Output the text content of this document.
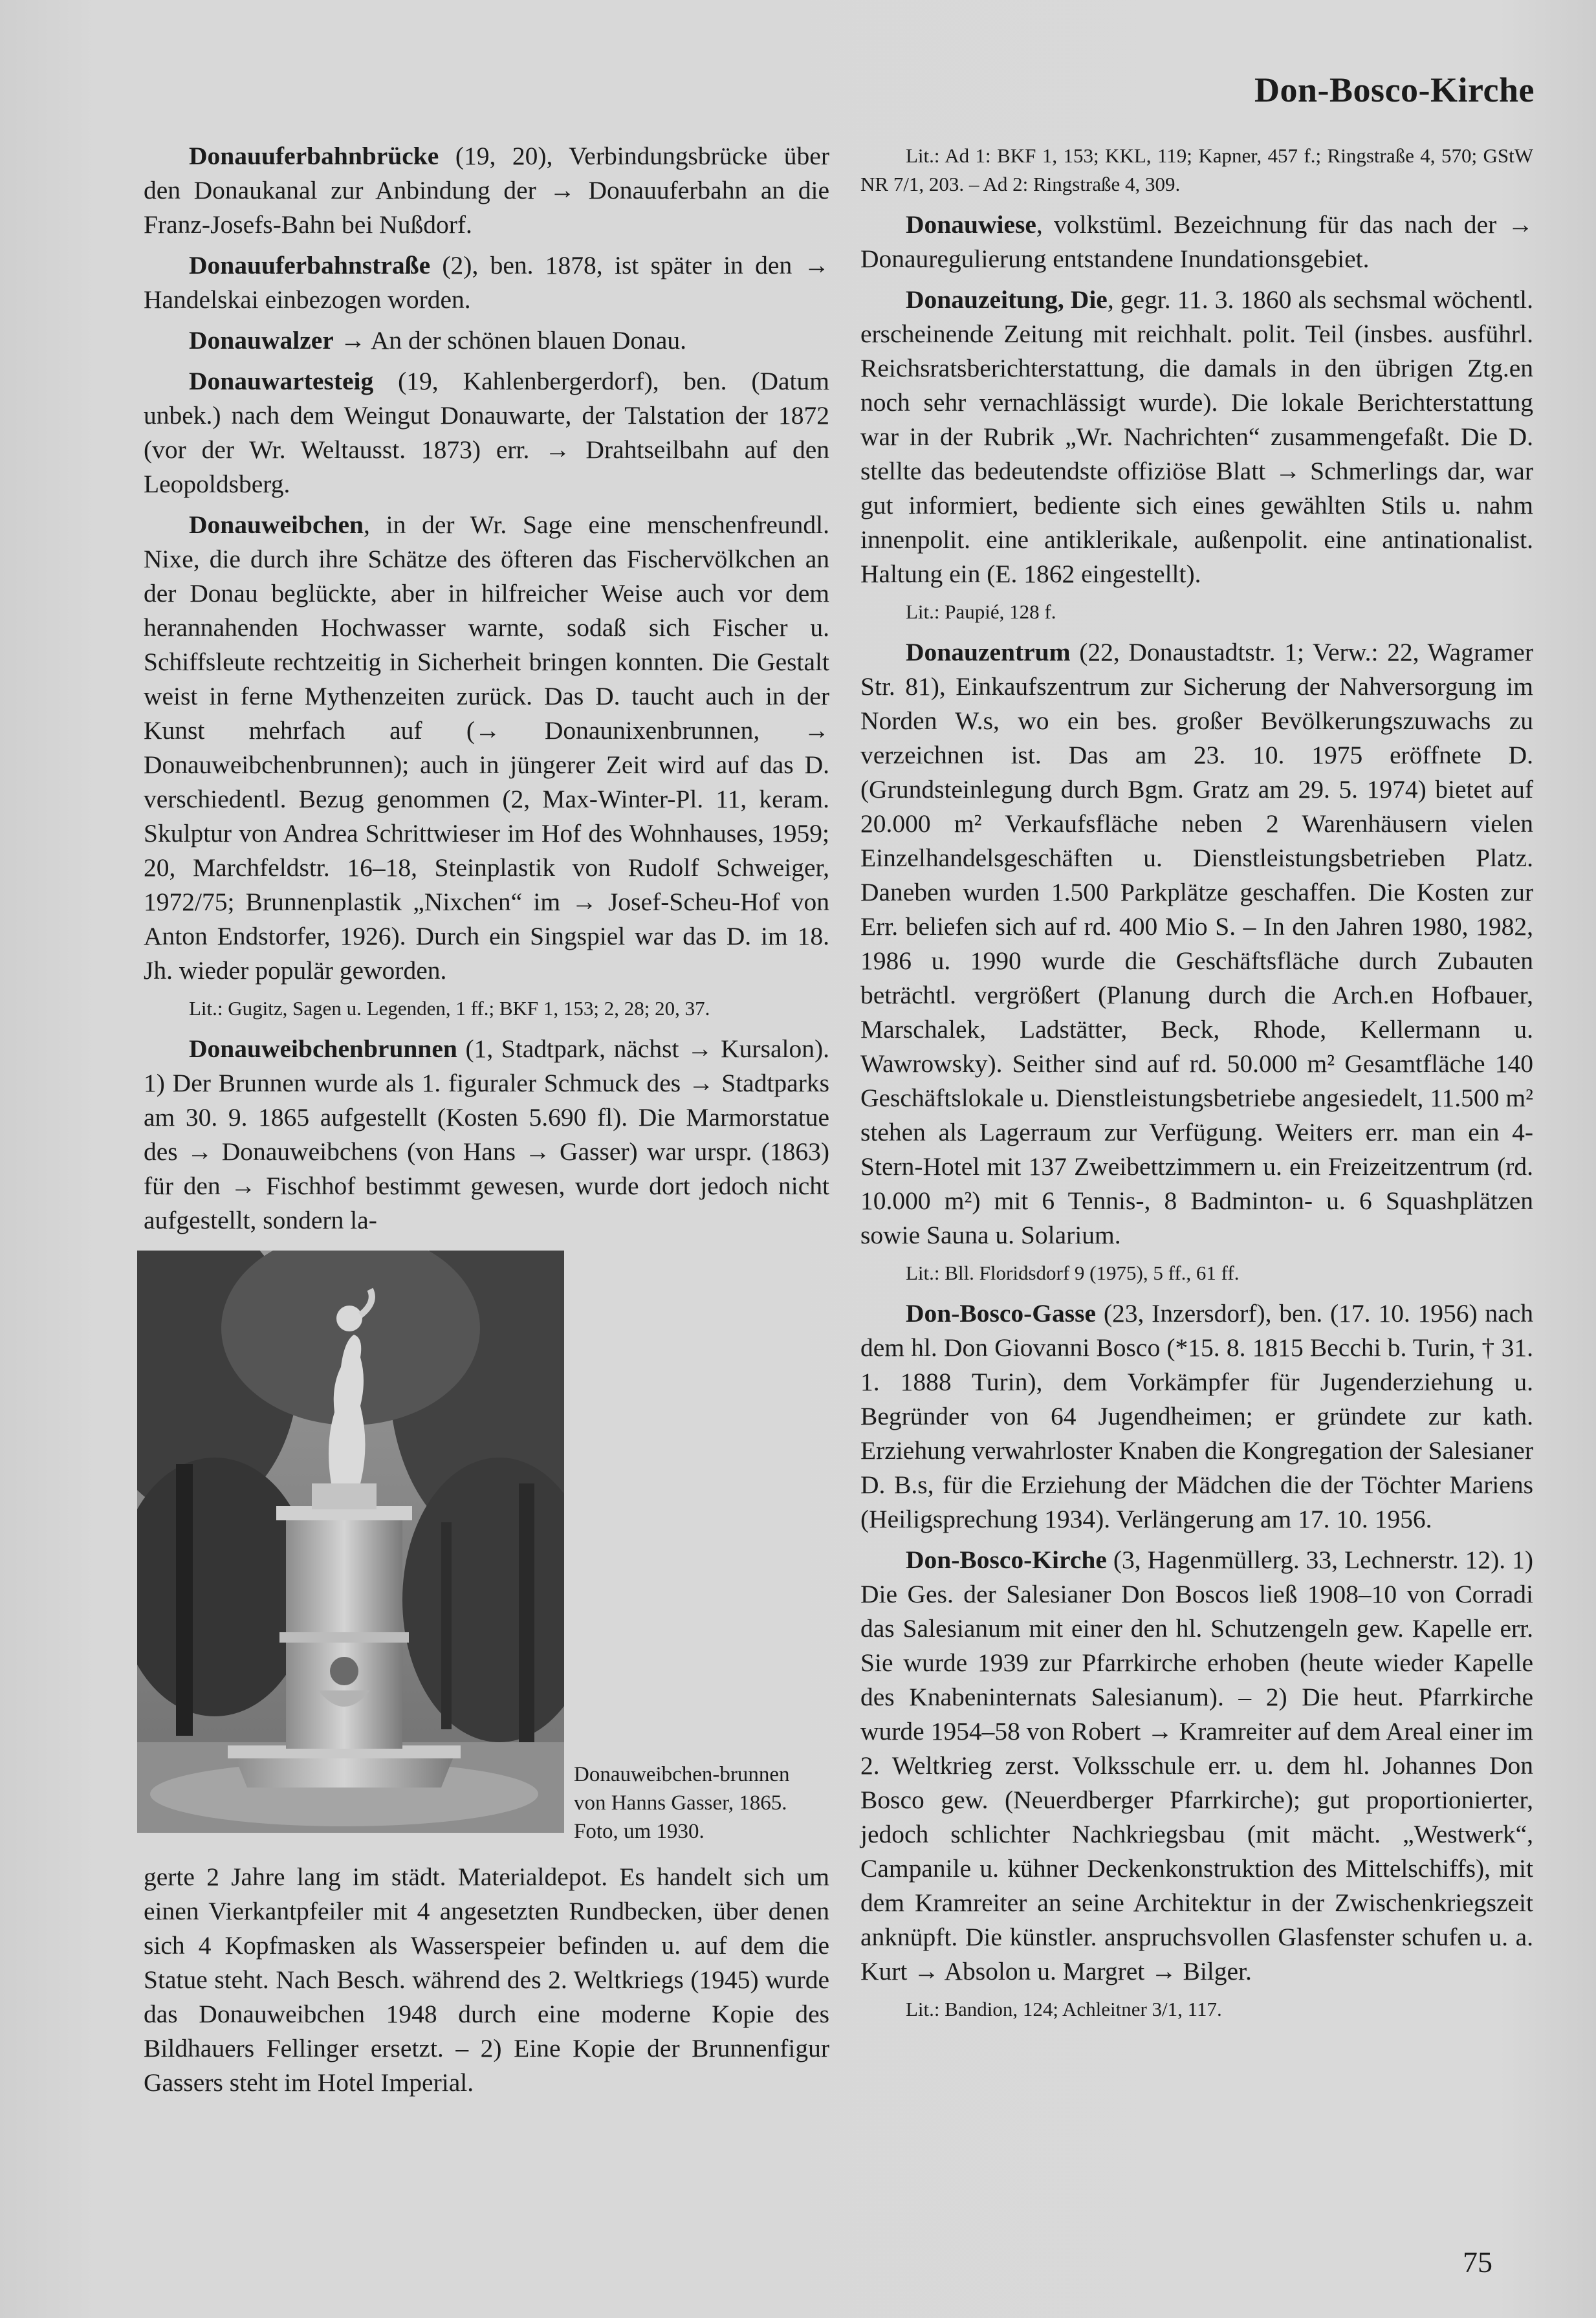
Don-Bosco-Kirche

Donauuferbahnbrücke (19, 20), Verbindungsbrücke über den Donaukanal zur Anbindung der → Donauuferbahn an die Franz-Josefs-Bahn bei Nußdorf.

Donauuferbahnstraße (2), ben. 1878, ist später in den → Handelskai einbezogen worden.

Donauwalzer → An der schönen blauen Donau.

Donauwartesteig (19, Kahlenbergerdorf), ben. (Datum unbek.) nach dem Weingut Donauwarte, der Talstation der 1872 (vor der Wr. Weltausst. 1873) err. → Drahtseilbahn auf den Leopoldsberg.

Donauweibchen, in der Wr. Sage eine menschenfreundl. Nixe, die durch ihre Schätze des öfteren das Fischervölkchen an der Donau beglückte, aber in hilfreicher Weise auch vor dem herannahenden Hochwasser warnte, sodaß sich Fischer u. Schiffsleute rechtzeitig in Sicherheit bringen konnten. Die Gestalt weist in ferne Mythenzeiten zurück. Das D. taucht auch in der Kunst mehrfach auf (→ Donaunixenbrunnen, → Donauweibchenbrunnen); auch in jüngerer Zeit wird auf das D. verschiedentl. Bezug genommen (2, Max-Winter-Pl. 11, keram. Skulptur von Andrea Schrittwieser im Hof des Wohnhauses, 1959; 20, Marchfeldstr. 16–18, Steinplastik von Rudolf Schweiger, 1972/75; Brunnenplastik „Nixchen“ im → Josef-Scheu-Hof von Anton Endstorfer, 1926). Durch ein Singspiel war das D. im 18. Jh. wieder populär geworden.

Lit.: Gugitz, Sagen u. Legenden, 1 ff.; BKF 1, 153; 2, 28; 20, 37.

Donauweibchenbrunnen (1, Stadtpark, nächst → Kursalon). 1) Der Brunnen wurde als 1. figuraler Schmuck des → Stadtparks am 30. 9. 1865 aufgestellt (Kosten 5.690 fl). Die Marmorstatue des → Donauweibchens (von Hans → Gasser) war urspr. (1863) für den → Fischhof bestimmt gewesen, wurde dort jedoch nicht aufgestellt, sondern la-

Donauweibchen-brunnen von Hanns Gasser, 1865. Foto, um 1930.

gerte 2 Jahre lang im städt. Materialdepot. Es handelt sich um einen Vierkantpfeiler mit 4 angesetzten Rundbecken, über denen sich 4 Kopfmasken als Wasserspeier befinden u. auf dem die Statue steht. Nach Besch. während des 2. Weltkriegs (1945) wurde das Donauweibchen 1948 durch eine moderne Kopie des Bildhauers Fellinger ersetzt. – 2) Eine Kopie der Brunnenfigur Gassers steht im Hotel Imperial.

Lit.: Ad 1: BKF 1, 153; KKL, 119; Kapner, 457 f.; Ringstraße 4, 570; GStW NR 7/1, 203. – Ad 2: Ringstraße 4, 309.

Donauwiese, volkstüml. Bezeichnung für das nach der → Donauregulierung entstandene Inundationsgebiet.

Donauzeitung, Die, gegr. 11. 3. 1860 als sechsmal wöchentl. erscheinende Zeitung mit reichhalt. polit. Teil (insbes. ausführl. Reichsratsberichterstattung, die damals in den übrigen Ztg.en noch sehr vernachlässigt wurde). Die lokale Berichterstattung war in der Rubrik „Wr. Nachrichten“ zusammengefaßt. Die D. stellte das bedeutendste offiziöse Blatt → Schmerlings dar, war gut informiert, bediente sich eines gewählten Stils u. nahm innenpolit. eine antiklerikale, außenpolit. eine antinationalist. Haltung ein (E. 1862 eingestellt).

Lit.: Paupié, 128 f.

Donauzentrum (22, Donaustadtstr. 1; Verw.: 22, Wagramer Str. 81), Einkaufszentrum zur Sicherung der Nahversorgung im Norden W.s, wo ein bes. großer Bevölkerungszuwachs zu verzeichnen ist. Das am 23. 10. 1975 eröffnete D. (Grundsteinlegung durch Bgm. Gratz am 29. 5. 1974) bietet auf 20.000 m² Verkaufsfläche neben 2 Warenhäusern vielen Einzelhandelsgeschäften u. Dienstleistungsbetrieben Platz. Daneben wurden 1.500 Parkplätze geschaffen. Die Kosten zur Err. beliefen sich auf rd. 400 Mio S. – In den Jahren 1980, 1982, 1986 u. 1990 wurde die Geschäftsfläche durch Zubauten beträchtl. vergrößert (Planung durch die Arch.en Hofbauer, Marschalek, Ladstätter, Beck, Rhode, Kellermann u. Wawrowsky). Seither sind auf rd. 50.000 m² Gesamtfläche 140 Geschäftslokale u. Dienstleistungsbetriebe angesiedelt, 11.500 m² stehen als Lagerraum zur Verfügung. Weiters err. man ein 4-Stern-Hotel mit 137 Zweibettzimmern u. ein Freizeitzentrum (rd. 10.000 m²) mit 6 Tennis-, 8 Badminton- u. 6 Squashplätzen sowie Sauna u. Solarium.

Lit.: Bll. Floridsdorf 9 (1975), 5 ff., 61 ff.

Don-Bosco-Gasse (23, Inzersdorf), ben. (17. 10. 1956) nach dem hl. Don Giovanni Bosco (*15. 8. 1815 Becchi b. Turin, † 31. 1. 1888 Turin), dem Vorkämpfer für Jugenderziehung u. Begründer von 64 Jugendheimen; er gründete zur kath. Erziehung verwahrloster Knaben die Kongregation der Salesianer D. B.s, für die Erziehung der Mädchen die der Töchter Mariens (Heiligsprechung 1934). Verlängerung am 17. 10. 1956.

Don-Bosco-Kirche (3, Hagenmüllerg. 33, Lechnerstr. 12). 1) Die Ges. der Salesianer Don Boscos ließ 1908–10 von Corradi das Salesianum mit einer den hl. Schutzengeln gew. Kapelle err. Sie wurde 1939 zur Pfarrkirche erhoben (heute wieder Kapelle des Knabeninternats Salesianum). – 2) Die heut. Pfarrkirche wurde 1954–58 von Robert → Kramreiter auf dem Areal einer im 2. Weltkrieg zerst. Volksschule err. u. dem hl. Johannes Don Bosco gew. (Neuerdberger Pfarrkirche); gut proportionierter, jedoch schlichter Nachkriegsbau (mit mächt. „Westwerk“, Campanile u. kühner Deckenkonstruktion des Mittelschiffs), mit dem Kramreiter an seine Architektur in der Zwischenkriegszeit anknüpft. Die künstler. anspruchsvollen Glasfenster schufen u. a. Kurt → Absolon u. Margret → Bilger.

Lit.: Bandion, 124; Achleitner 3/1, 117.

75
